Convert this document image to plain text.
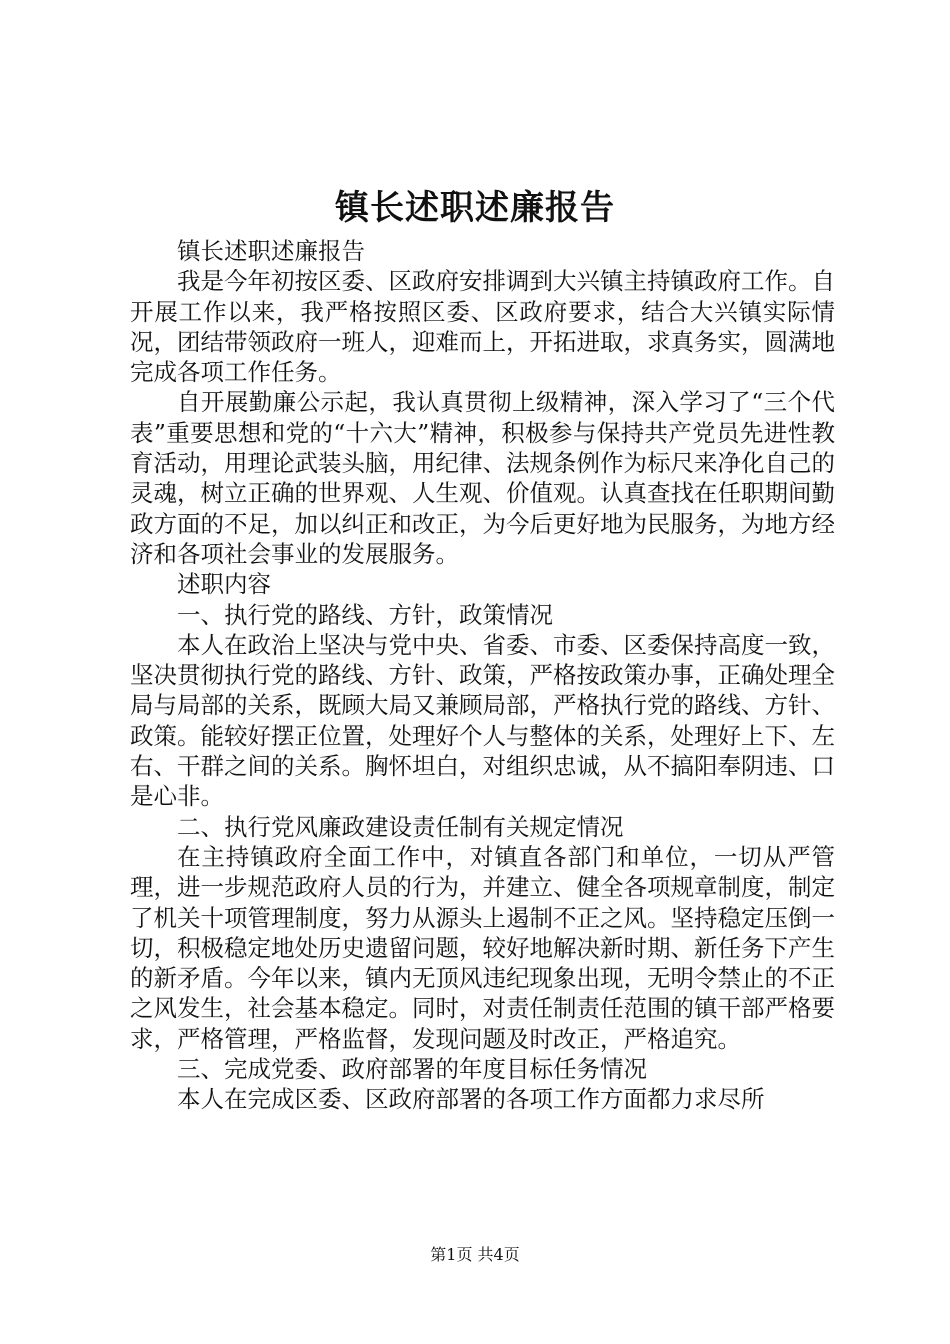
镇长述职述廉报告

镇长述职述廉报告

我是今年初按区委、区政府安排调到大兴镇主持镇政府工作。自开展工作以来，我严格按照区委、区政府要求，结合大兴镇实际情况，团结带领政府一班人，迎难而上，开拓进取，求真务实，圆满地完成各项工作任务。

自开展勤廉公示起，我认真贯彻上级精神，深入学习了“三个代表”重要思想和党的“十六大”精神，积极参与保持共产党员先进性教育活动，用理论武装头脑，用纪律、法规条例作为标尺来净化自己的灵魂，树立正确的世界观、人生观、价值观。认真查找在任职期间勤政方面的不足，加以纠正和改正，为今后更好地为民服务，为地方经济和各项社会事业的发展服务。

述职内容

一、执行党的路线、方针，政策情况

本人在政治上坚决与党中央、省委、市委、区委保持高度一致，坚决贯彻执行党的路线、方针、政策，严格按政策办事，正确处理全局与局部的关系，既顾大局又兼顾局部，严格执行党的路线、方针、政策。能较好摆正位置，处理好个人与整体的关系，处理好上下、左右、干群之间的关系。胸怀坦白，对组织忠诚，从不搞阳奉阴违、口是心非。

二、执行党风廉政建设责任制有关规定情况

在主持镇政府全面工作中，对镇直各部门和单位，一切从严管理，进一步规范政府人员的行为，并建立、健全各项规章制度，制定了机关十项管理制度，努力从源头上遏制不正之风。坚持稳定压倒一切，积极稳定地处历史遗留问题，较好地解决新时期、新任务下产生的新矛盾。今年以来，镇内无顶风违纪现象出现，无明令禁止的不正之风发生，社会基本稳定。同时，对责任制责任范围的镇干部严格要求，严格管理，严格监督，发现问题及时改正，严格追究。

三、完成党委、政府部署的年度目标任务情况

本人在完成区委、区政府部署的各项工作方面都力求尽所

第1页 共4页
